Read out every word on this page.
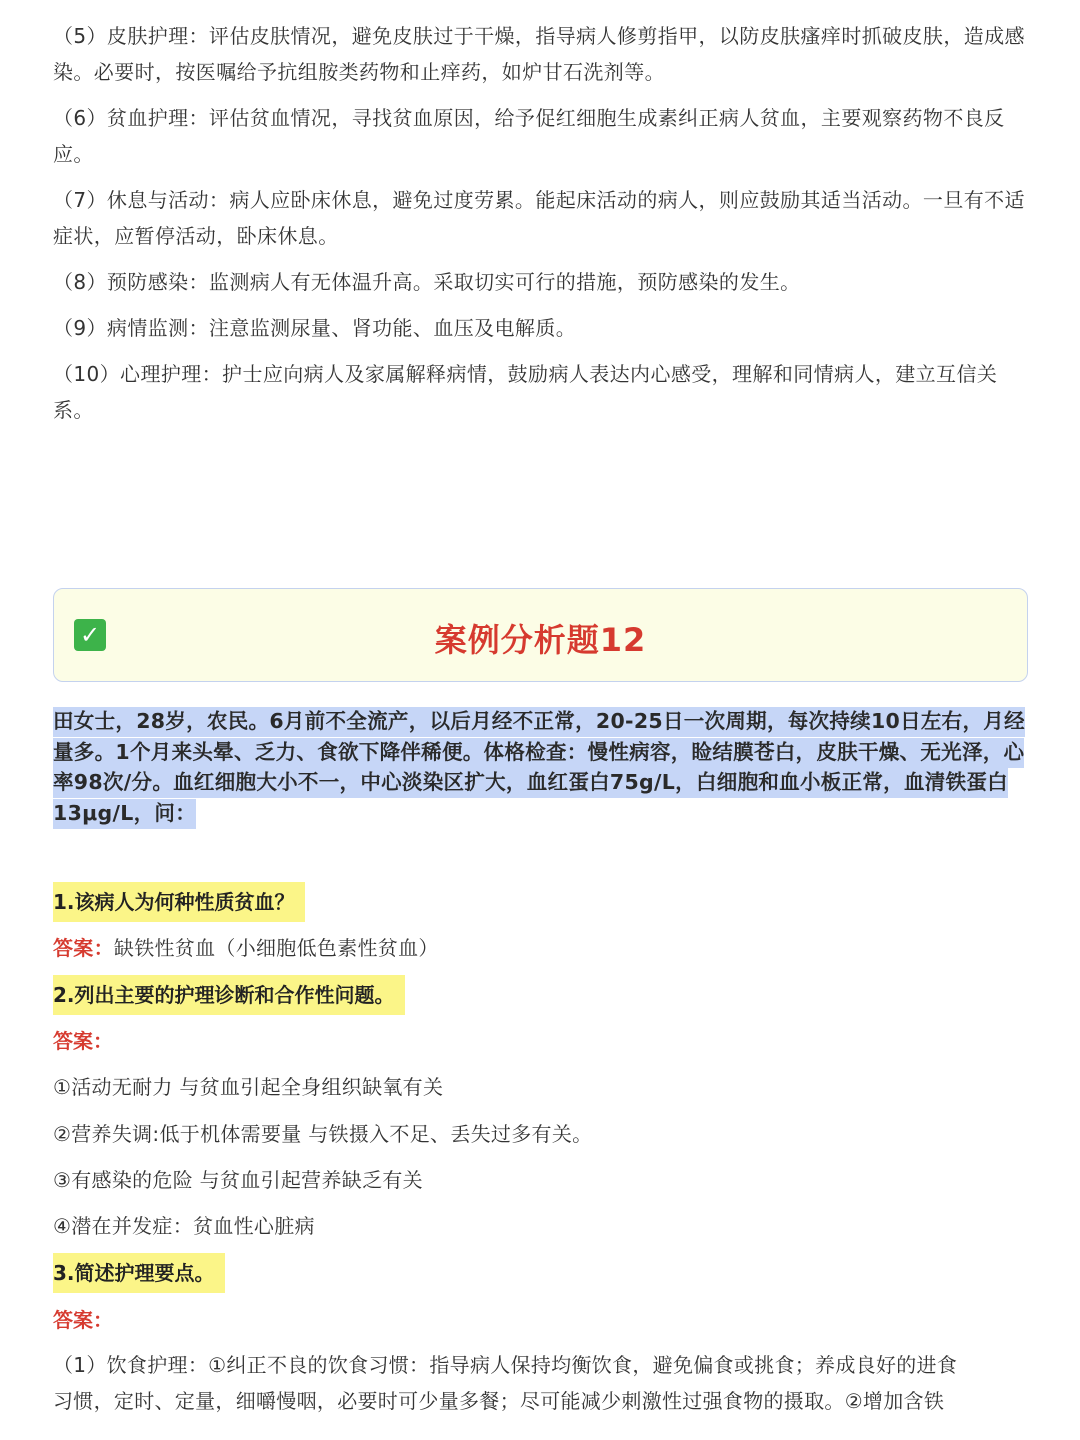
（5）皮肤护理：评估皮肤情况，避免皮肤过于干燥，指导病人修剪指甲，以防皮肤瘙痒时抓破皮肤，造成感染。必要时，按医嘱给予抗组胺类药物和止痒药，如炉甘石洗剂等。

（6）贫血护理：评估贫血情况，寻找贫血原因，给予促红细胞生成素纠正病人贫血，主要观察药物不良反应。

（7）休息与活动：病人应卧床休息，避免过度劳累。能起床活动的病人，则应鼓励其适当活动。一旦有不适症状，应暂停活动，卧床休息。

（8）预防感染：监测病人有无体温升高。采取切实可行的措施，预防感染的发生。

（9）病情监测：注意监测尿量、肾功能、血压及电解质。

（10）心理护理：护士应向病人及家属解释病情，鼓励病人表达内心感受，理解和同情病人，建立互信关系。

✓	案例分析题12
田女士，28岁，农民。6月前不全流产，以后月经不正常，20-25日一次周期，每次持续10日左右，月经量多。1个月来头晕、乏力、食欲下降伴稀便。体格检查：慢性病容，睑结膜苍白，皮肤干燥、无光泽，心率98次/分。血红细胞大小不一，中心淡染区扩大，血红蛋白75g/L，白细胞和血小板正常，血清铁蛋白13μg/L，问：
1.该病人为何种性质贫血？
答案：缺铁性贫血（小细胞低色素性贫血）
2.列出主要的护理诊断和合作性问题。
答案：
①活动无耐力 与贫血引起全身组织缺氧有关
②营养失调:低于机体需要量 与铁摄入不足、丢失过多有关。
③有感染的危险 与贫血引起营养缺乏有关
④潜在并发症：贫血性心脏病
3.简述护理要点。
答案：
（1）饮食护理：①纠正不良的饮食习惯：指导病人保持均衡饮食，避免偏食或挑食；养成良好的进食
习惯，定时、定量，细嚼慢咽，必要时可少量多餐；尽可能减少刺激性过强食物的摄取。②增加含铁
